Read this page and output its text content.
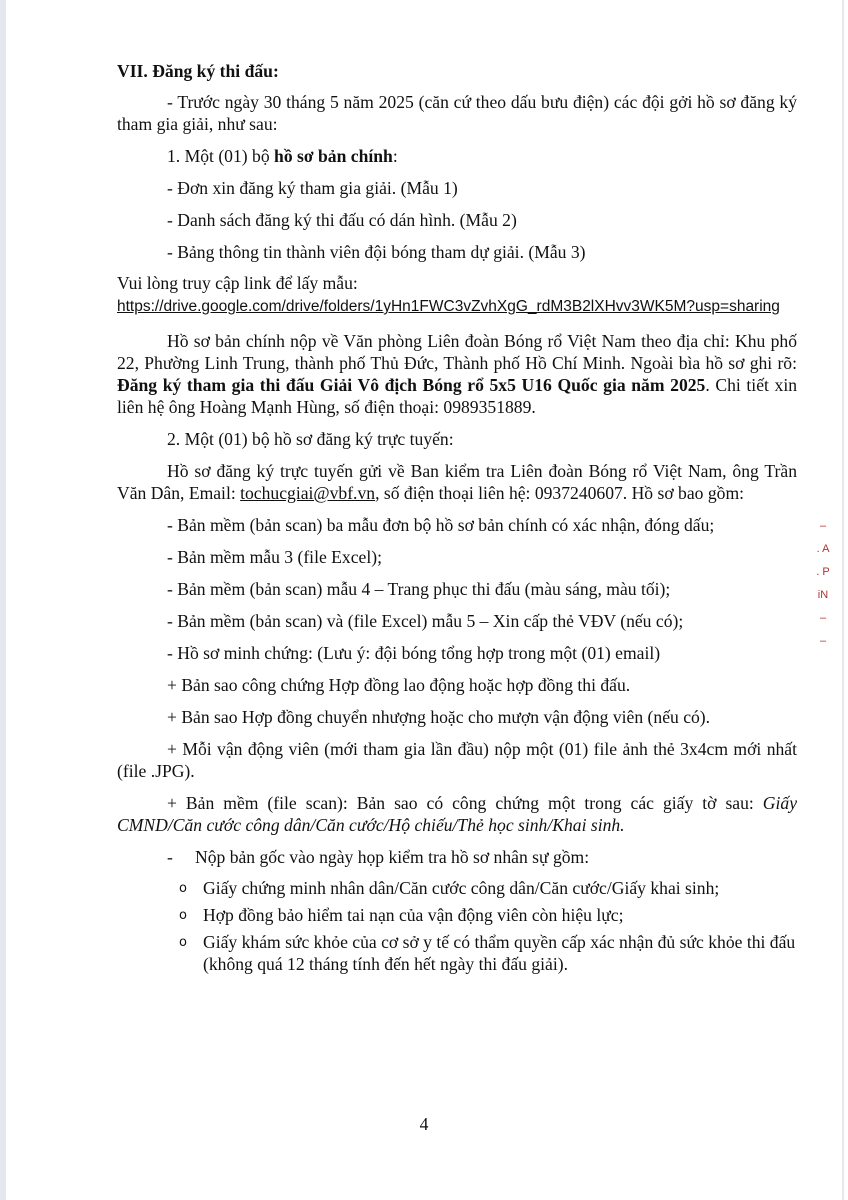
VII. Đăng ký thi đấu:

- Trước ngày 30 tháng 5 năm 2025 (căn cứ theo dấu bưu điện) các đội gởi hồ sơ đăng ký tham gia giải, như sau:

1. Một (01) bộ hồ sơ bản chính:

- Đơn xin đăng ký tham gia giải. (Mẫu 1)

- Danh sách đăng ký thi đấu có dán hình. (Mẫu 2)

- Bảng thông tin thành viên đội bóng tham dự giải. (Mẫu 3)

Vui lòng truy cập link để lấy mẫu:

https://drive.google.com/drive/folders/1yHn1FWC3vZvhXgG_rdM3B2lXHvv3WK5M?usp=sharing

Hồ sơ bản chính nộp về Văn phòng Liên đoàn Bóng rổ Việt Nam theo địa chỉ: Khu phố 22, Phường Linh Trung, thành phố Thủ Đức, Thành phố Hồ Chí Minh. Ngoài bìa hồ sơ ghi rõ: Đăng ký tham gia thi đấu Giải Vô địch Bóng rổ 5x5 U16 Quốc gia năm 2025. Chi tiết xin liên hệ ông Hoàng Mạnh Hùng, số điện thoại: 0989351889.

2. Một (01) bộ hồ sơ đăng ký trực tuyến:

Hồ sơ đăng ký trực tuyến gửi về Ban kiểm tra Liên đoàn Bóng rổ Việt Nam, ông Trần Văn Dân, Email: tochucgiai@vbf.vn, số điện thoại liên hệ: 0937240607. Hồ sơ bao gồm:

- Bản mềm (bản scan) ba mẫu đơn bộ hồ sơ bản chính có xác nhận, đóng dấu;

- Bản mềm mẫu 3 (file Excel);

- Bản mềm (bản scan) mẫu 4 – Trang phục thi đấu (màu sáng, màu tối);

- Bản mềm (bản scan) và (file Excel) mẫu 5 – Xin cấp thẻ VĐV (nếu có);

- Hồ sơ minh chứng: (Lưu ý: đội bóng tổng hợp trong một (01) email)

+ Bản sao công chứng Hợp đồng lao động hoặc hợp đồng thi đấu.

+ Bản sao Hợp đồng chuyển nhượng hoặc cho mượn vận động viên (nếu có).

+ Mỗi vận động viên (mới tham gia lần đầu) nộp một (01) file ảnh thẻ 3x4cm mới nhất (file .JPG).

+ Bản mềm (file scan): Bản sao có công chứng một trong các giấy tờ sau: Giấy CMND/Căn cước công dân/Căn cước/Hộ chiếu/Thẻ học sinh/Khai sinh.

-	Nộp bản gốc vào ngày họp kiểm tra hồ sơ nhân sự gồm:
o Giấy chứng minh nhân dân/Căn cước công dân/Căn cước/Giấy khai sinh;
o Hợp đồng bảo hiểm tai nạn của vận động viên còn hiệu lực;
o Giấy khám sức khỏe của cơ sở y tế có thẩm quyền cấp xác nhận đủ sức khỏe thi đấu (không quá 12 tháng tính đến hết ngày thi đấu giải).
4
–
. A
. P
iN
–
–
